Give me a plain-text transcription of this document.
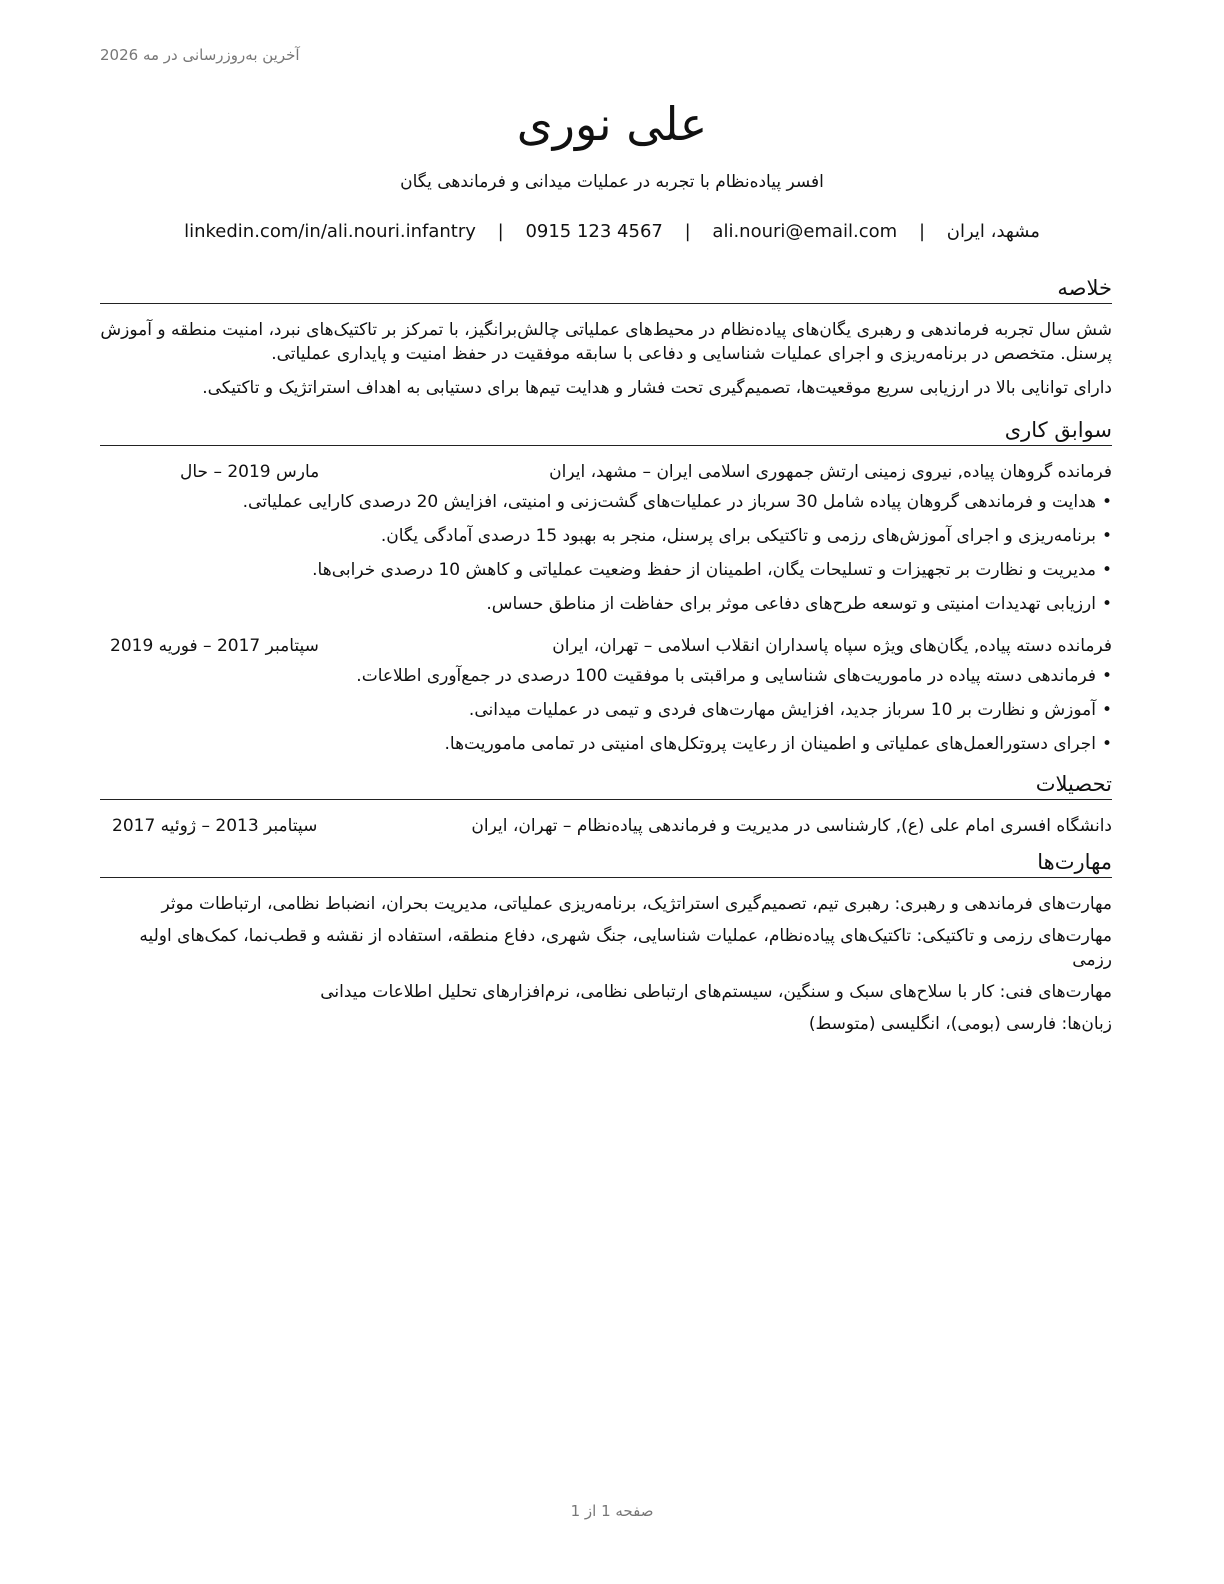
آخرین به‌روزرسانی در مه 2026
علی نوری
افسر پیاده‌نظام با تجربه در عملیات میدانی و فرماندهی یگان
linkedin.com/in/ali.nouri.infantry | 0915 123 4567 | ali.nouri@email.com | مشهد، ایران
خلاصه

شش سال تجربه فرماندهی و رهبری یگان‌های پیاده‌نظام در محیط‌های عملیاتی چالش‌برانگیز، با تمرکز بر تاکتیک‌های نبرد، امنیت منطقه و آموزش پرسنل. متخصص در برنامه‌ریزی و اجرای عملیات شناسایی و دفاعی با سابقه موفقیت در حفظ امنیت و پایداری عملیاتی.

دارای توانایی بالا در ارزیابی سریع موقعیت‌ها، تصمیم‌گیری تحت فشار و هدایت تیم‌ها برای دستیابی به اهداف استراتژیک و تاکتیکی.

سوابق کاری
فرمانده گروهان پیاده, نیروی زمینی ارتش جمهوری اسلامی ایران – مشهد، ایران
مارس 2019 – حال
•
هدایت و فرماندهی گروهان پیاده شامل 30 سرباز در عملیات‌های گشت‌زنی و امنیتی، افزایش 20 درصدی کارایی عملیاتی.
•
برنامه‌ریزی و اجرای آموزش‌های رزمی و تاکتیکی برای پرسنل، منجر به بهبود 15 درصدی آمادگی یگان.
•
مدیریت و نظارت بر تجهیزات و تسلیحات یگان، اطمینان از حفظ وضعیت عملیاتی و کاهش 10 درصدی خرابی‌ها.
•
ارزیابی تهدیدات امنیتی و توسعه طرح‌های دفاعی موثر برای حفاظت از مناطق حساس.
فرمانده دسته پیاده, یگان‌های ویژه سپاه پاسداران انقلاب اسلامی – تهران، ایران
سپتامبر 2017 – فوریه 2019
•
فرماندهی دسته پیاده در ماموریت‌های شناسایی و مراقبتی با موفقیت 100 درصدی در جمع‌آوری اطلاعات.
•
آموزش و نظارت بر 10 سرباز جدید، افزایش مهارت‌های فردی و تیمی در عملیات میدانی.
•
اجرای دستورالعمل‌های عملیاتی و اطمینان از رعایت پروتکل‌های امنیتی در تمامی ماموریت‌ها.
تحصیلات
دانشگاه افسری امام علی (ع), کارشناسی در مدیریت و فرماندهی پیاده‌نظام – تهران، ایران
سپتامبر 2013 – ژوئیه 2017
مهارت‌ها

مهارت‌های فرماندهی و رهبری: رهبری تیم، تصمیم‌گیری استراتژیک، برنامه‌ریزی عملیاتی، مدیریت بحران، انضباط نظامی، ارتباطات موثر

مهارت‌های رزمی و تاکتیکی: تاکتیک‌های پیاده‌نظام، عملیات شناسایی، جنگ شهری، دفاع منطقه، استفاده از نقشه و قطب‌نما، کمک‌های اولیه رزمی

مهارت‌های فنی: کار با سلاح‌های سبک و سنگین، سیستم‌های ارتباطی نظامی، نرم‌افزارهای تحلیل اطلاعات میدانی

زبان‌ها: فارسی (بومی)، انگلیسی (متوسط)

صفحه 1 از 1
